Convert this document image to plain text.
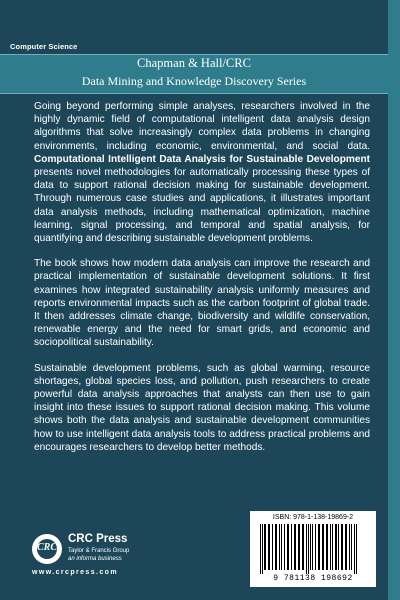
Computer Science
Chapman & Hall/CRC
Data Mining and Knowledge Discovery Series

Going beyond performing simple analyses, researchers involved in the highly dynamic field of computational intelligent data analysis design algorithms that solve increasingly complex data problems in changing environments, including economic, environmental, and social data. Computational Intelligent Data Analysis for Sustainable Development presents novel methodologies for automatically processing these types of data to support rational decision making for sustainable development. Through numerous case studies and applications, it illustrates important data analysis methods, including mathematical optimization, machine learning, signal processing, and temporal and spatial analysis, for quantifying and describing sustainable development problems.

The book shows how modern data analysis can improve the research and practical implementation of sustainable development solutions. It first examines how integrated sustainability analysis uniformly measures and reports environmental impacts such as the carbon footprint of global trade. It then addresses climate change, biodiversity and wildlife conservation, renewable energy and the need for smart grids, and economic and sociopolitical sustainability.

Sustainable development problems, such as global warming, resource shortages, global species loss, and pollution, push researchers to create powerful data analysis approaches that analysts can then use to gain insight into these issues to support rational decision making. This volume shows both the data analysis and sustainable development communities how to use intelligent data analysis tools to address practical problems and encourages researchers to develop better methods.

CRC
CRC Press
Taylor & Francis Group
an informa business
www.crcpress.com
ISBN: 978-1-138-19869-2
9 781138 198692
